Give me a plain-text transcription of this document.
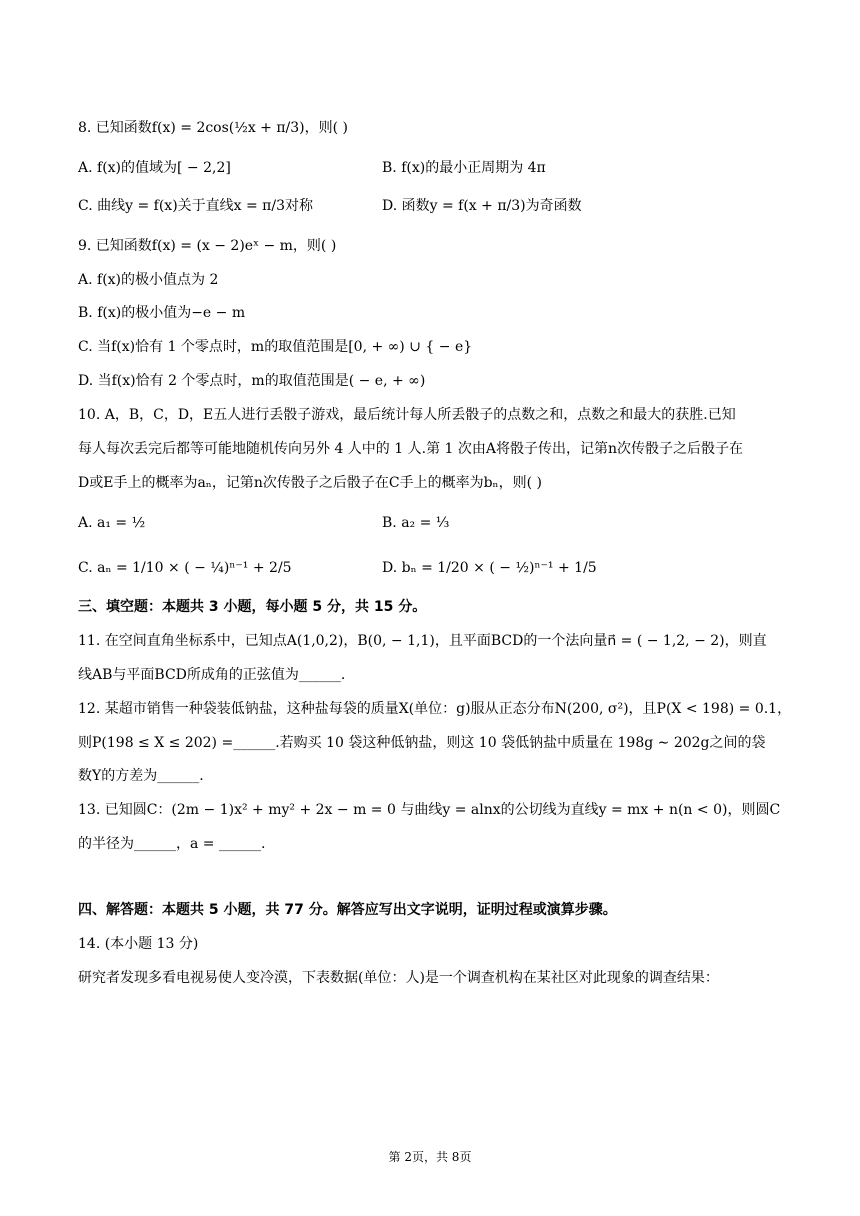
8. 已知函数f(x) = 2cos(½x + π/3)，则( )
A. f(x)的值域为[ − 2,2]	B. f(x)的最小正周期为 4π
C. 曲线y = f(x)关于直线x = π/3对称	D. 函数y = f(x + π/3)为奇函数
9. 已知函数f(x) = (x − 2)eˣ − m，则( )
A. f(x)的极小值点为 2
B. f(x)的极小值为−e − m
C. 当f(x)恰有 1 个零点时，m的取值范围是[0, + ∞) ∪ { − e}
D. 当f(x)恰有 2 个零点时，m的取值范围是( − e, + ∞)
10. A，B，C，D，E五人进行丢骰子游戏，最后统计每人所丢骰子的点数之和，点数之和最大的获胜.已知
每人每次丢完后都等可能地随机传向另外 4 人中的 1 人.第 1 次由A将骰子传出，记第n次传骰子之后骰子在
D或E手上的概率为aₙ，记第n次传骰子之后骰子在C手上的概率为bₙ，则( )
A. a₁ = ½	B. a₂ = ⅓
C. aₙ = 1/10 × ( − ¼)ⁿ⁻¹ + 2/5	D. bₙ = 1/20 × ( − ½)ⁿ⁻¹ + 1/5
三、填空题：本题共 3 小题，每小题 5 分，共 15 分。
11. 在空间直角坐标系中，已知点A(1,0,2)，B(0, − 1,1)，且平面BCD的一个法向量n⃗ = ( − 1,2, − 2)，则直
线AB与平面BCD所成角的正弦值为______.
12. 某超市销售一种袋装低钠盐，这种盐每袋的质量X(单位：g)服从正态分布N(200, σ²)，且P(X < 198) = 0.1，
则P(198 ≤ X ≤ 202) =______.若购买 10 袋这种低钠盐，则这 10 袋低钠盐中质量在 198g ∼ 202g之间的袋
数Y的方差为______.
13. 已知圆C：(2m − 1)x² + my² + 2x − m = 0 与曲线y = alnx的公切线为直线y = mx + n(n < 0)，则圆C
的半径为______，a = ______.
四、解答题：本题共 5 小题，共 77 分。解答应写出文字说明，证明过程或演算步骤。
14. (本小题 13 分)
研究者发现多看电视易使人变冷漠，下表数据(单位：人)是一个调查机构在某社区对此现象的调查结果：
第 2页，共 8页
